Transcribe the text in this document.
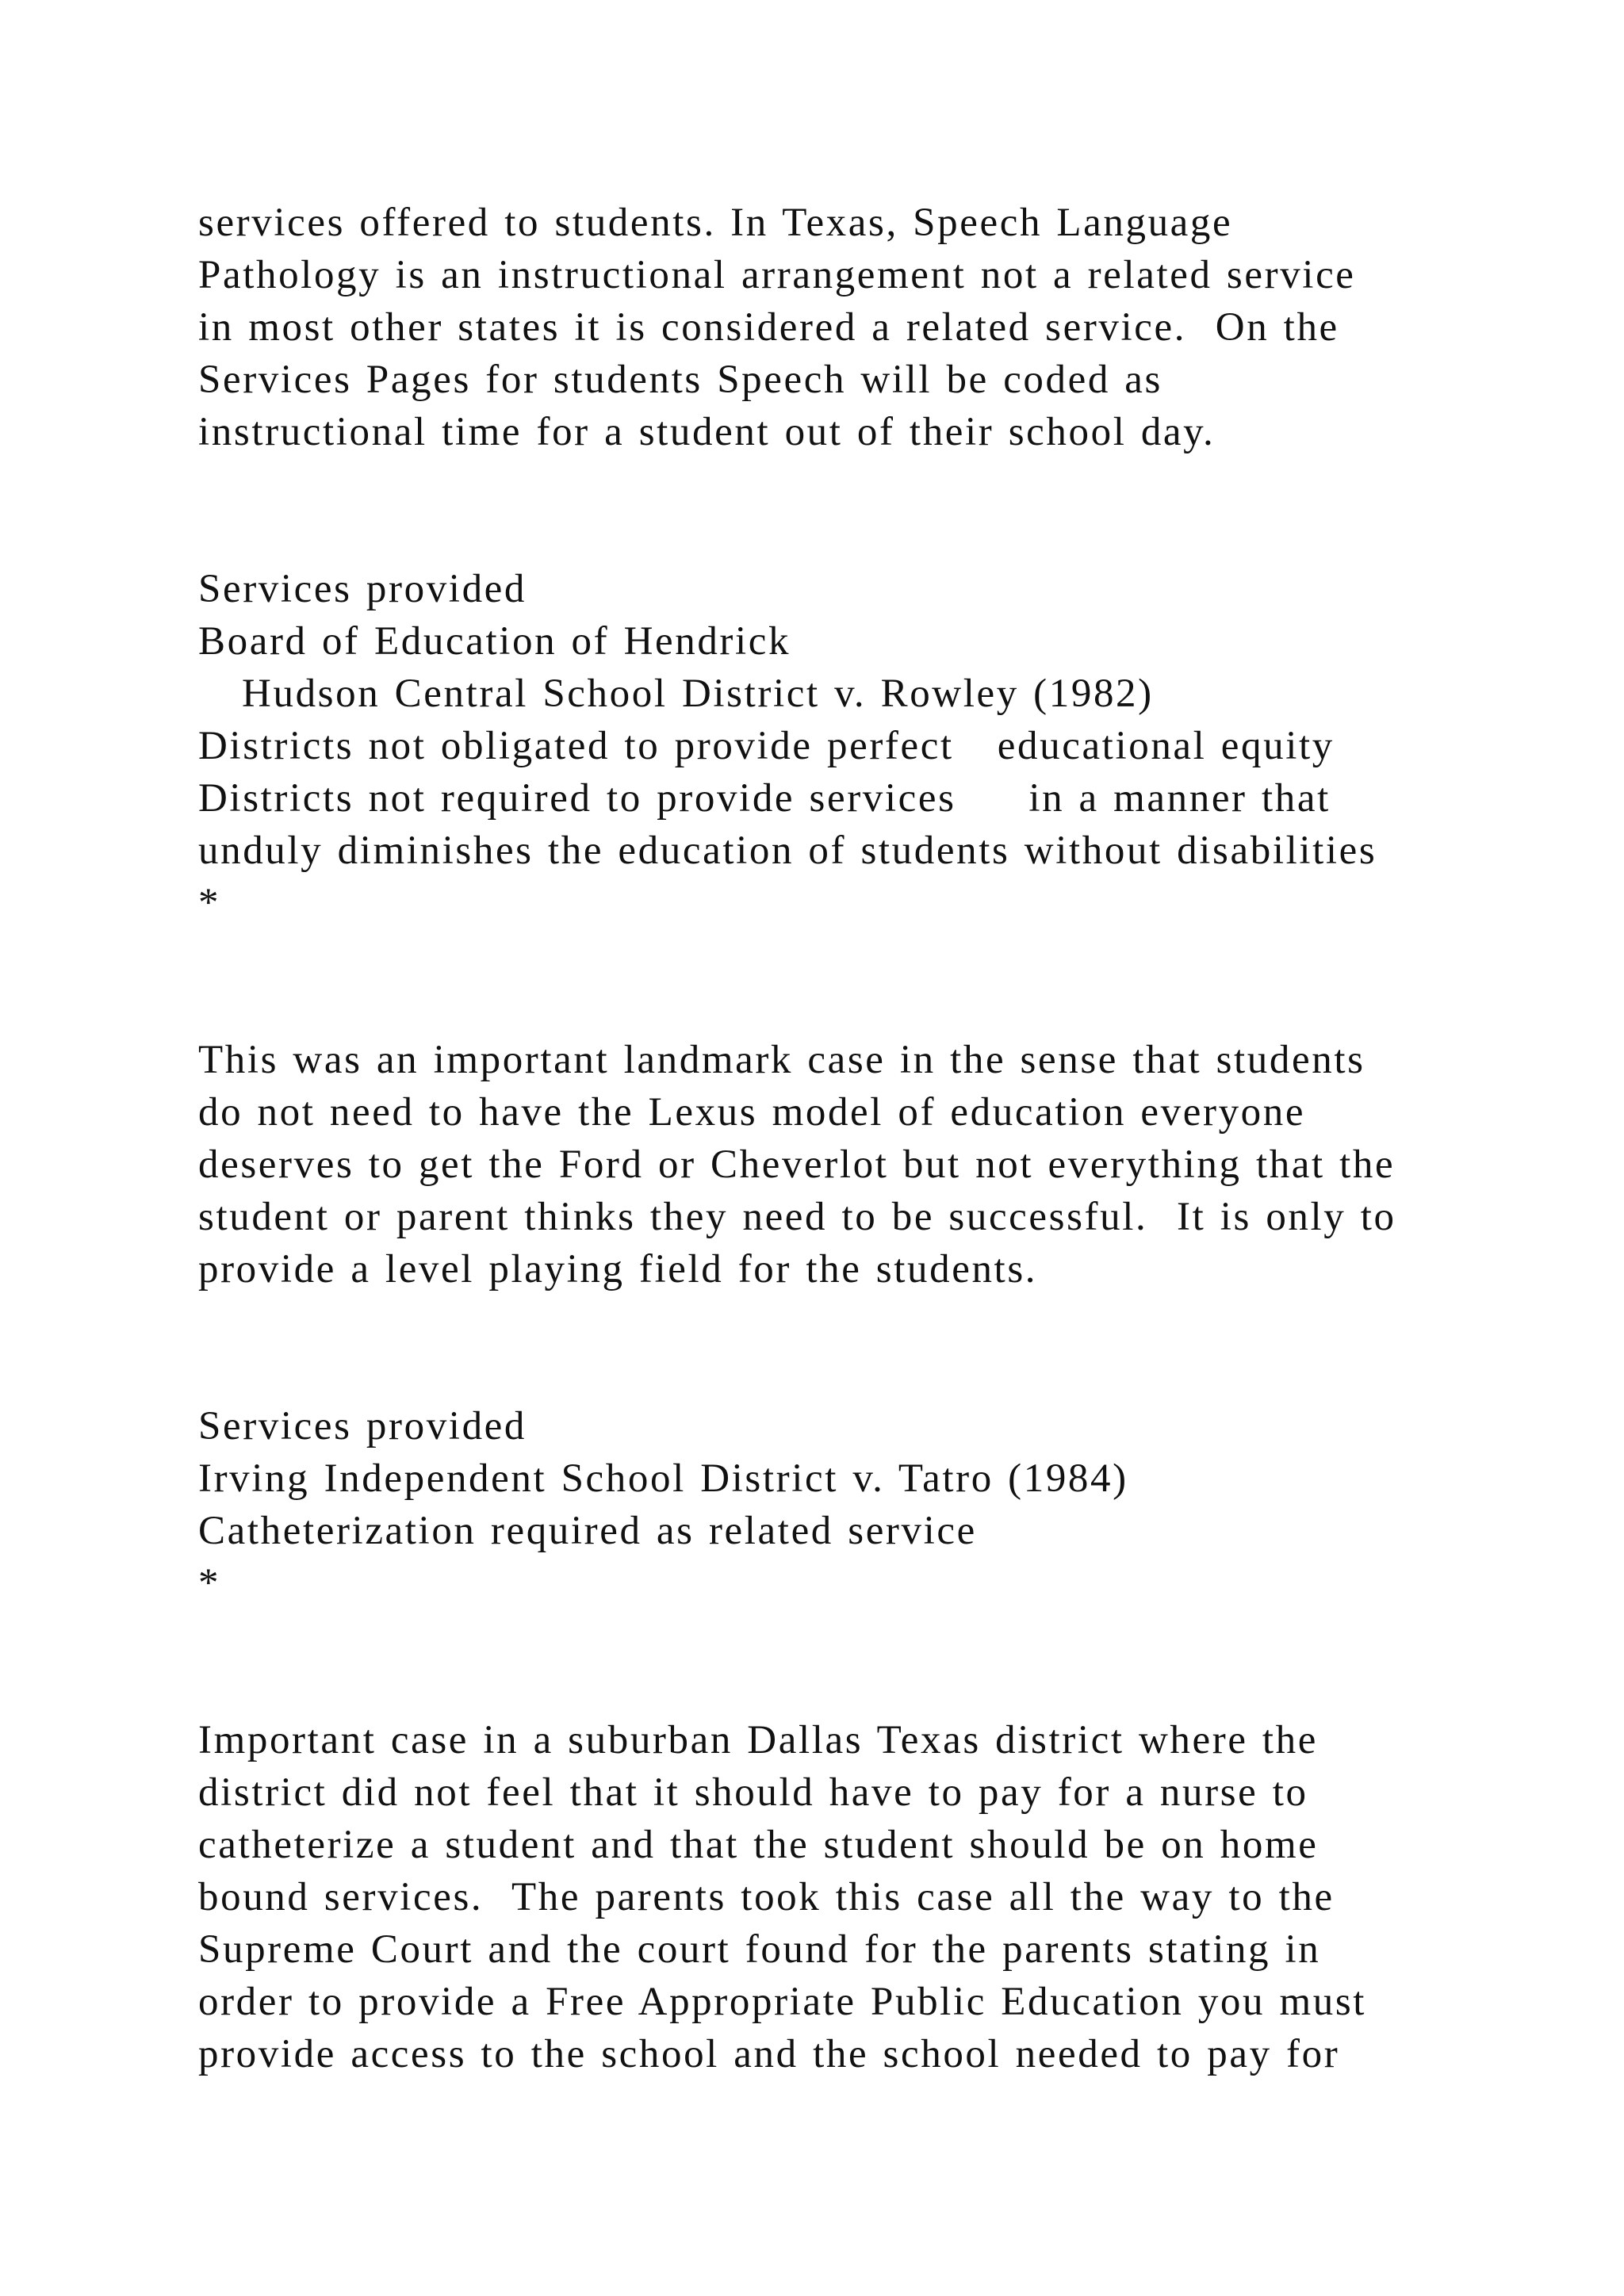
services offered to students. In Texas, Speech Language
Pathology is an instructional arrangement not a related service
in most other states it is considered a related service.  On the
Services Pages for students Speech will be coded as
instructional time for a student out of their school day.
Services provided
Board of Education of Hendrick
Hudson Central School District v. Rowley (1982)
Districts not obligated to provide perfect   educational equity
Districts not required to provide services     in a manner that
unduly diminishes the education of students without disabilities
*
This was an important landmark case in the sense that students
do not need to have the Lexus model of education everyone
deserves to get the Ford or Cheverlot but not everything that the
student or parent thinks they need to be successful.  It is only to
provide a level playing field for the students.
Services provided
Irving Independent School District v. Tatro (1984)
Catheterization required as related service
*
Important case in a suburban Dallas Texas district where the
district did not feel that it should have to pay for a nurse to
catheterize a student and that the student should be on home
bound services.  The parents took this case all the way to the
Supreme Court and the court found for the parents stating in
order to provide a Free Appropriate Public Education you must
provide access to the school and the school needed to pay for
